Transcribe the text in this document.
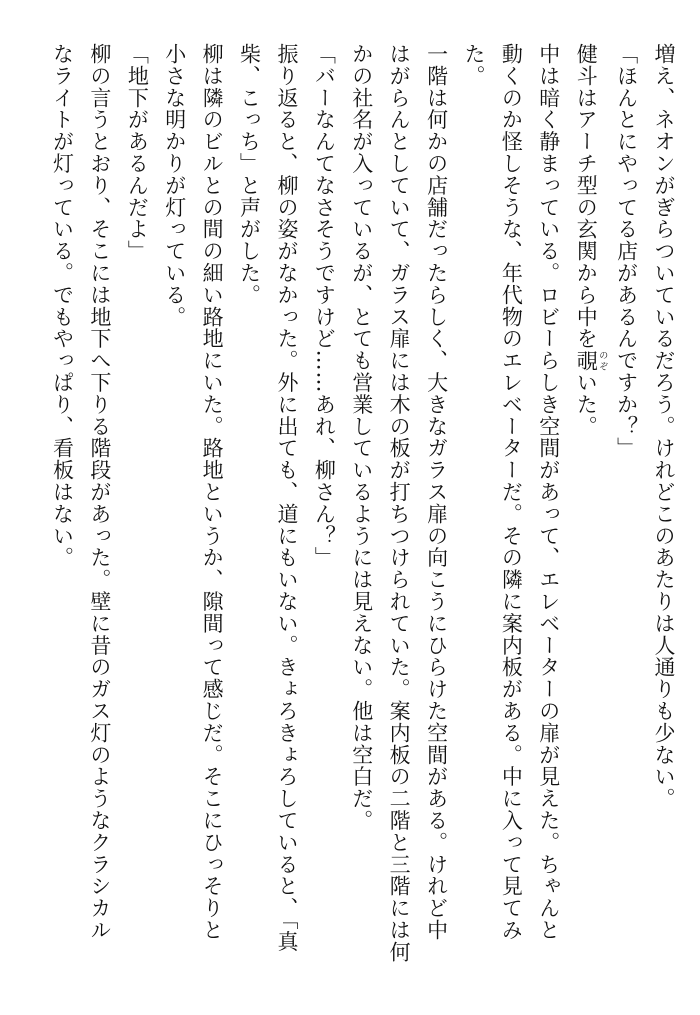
増え、ネオンがぎらついているだろう。けれどこのあたりは人通りも少ない。

「ほんとにやってる店があるんですか？」

健斗はアーチ型の玄関から中を覗 のぞいた。

中は暗く静まっている。ロビーらしき空間があって、エレベーターの扉が見えた。ちゃんと

動くのか怪しそうな、年代物のエレベーターだ。その隣に案内板がある。中に入って見てみ

た。

一階は何かの店舗だったらしく、大きなガラス扉の向こうにひらけた空間がある。けれど中

はがらんとしていて、ガラス扉には木の板が打ちつけられていた。案内板の二階と三階には何

かの社名が入っているが、とても営業しているようには見えない。他は空白だ。

「バーなんてなさそうですけど……あれ、柳さん？」

振り返ると、柳の姿がなかった。外に出ても、道にもいない。きょろきょろしていると、「真

柴、こっち」と声がした。

柳は隣のビルとの間の細い路地にいた。路地というか、隙間って感じだ。そこにひっそりと

小さな明かりが灯っている。

「地下があるんだよ」

柳の言うとおり、そこには地下へ下りる階段があった。壁に昔のガス灯のようなクラシカル

なライトが灯っている。でもやっぱり、看板はない。
